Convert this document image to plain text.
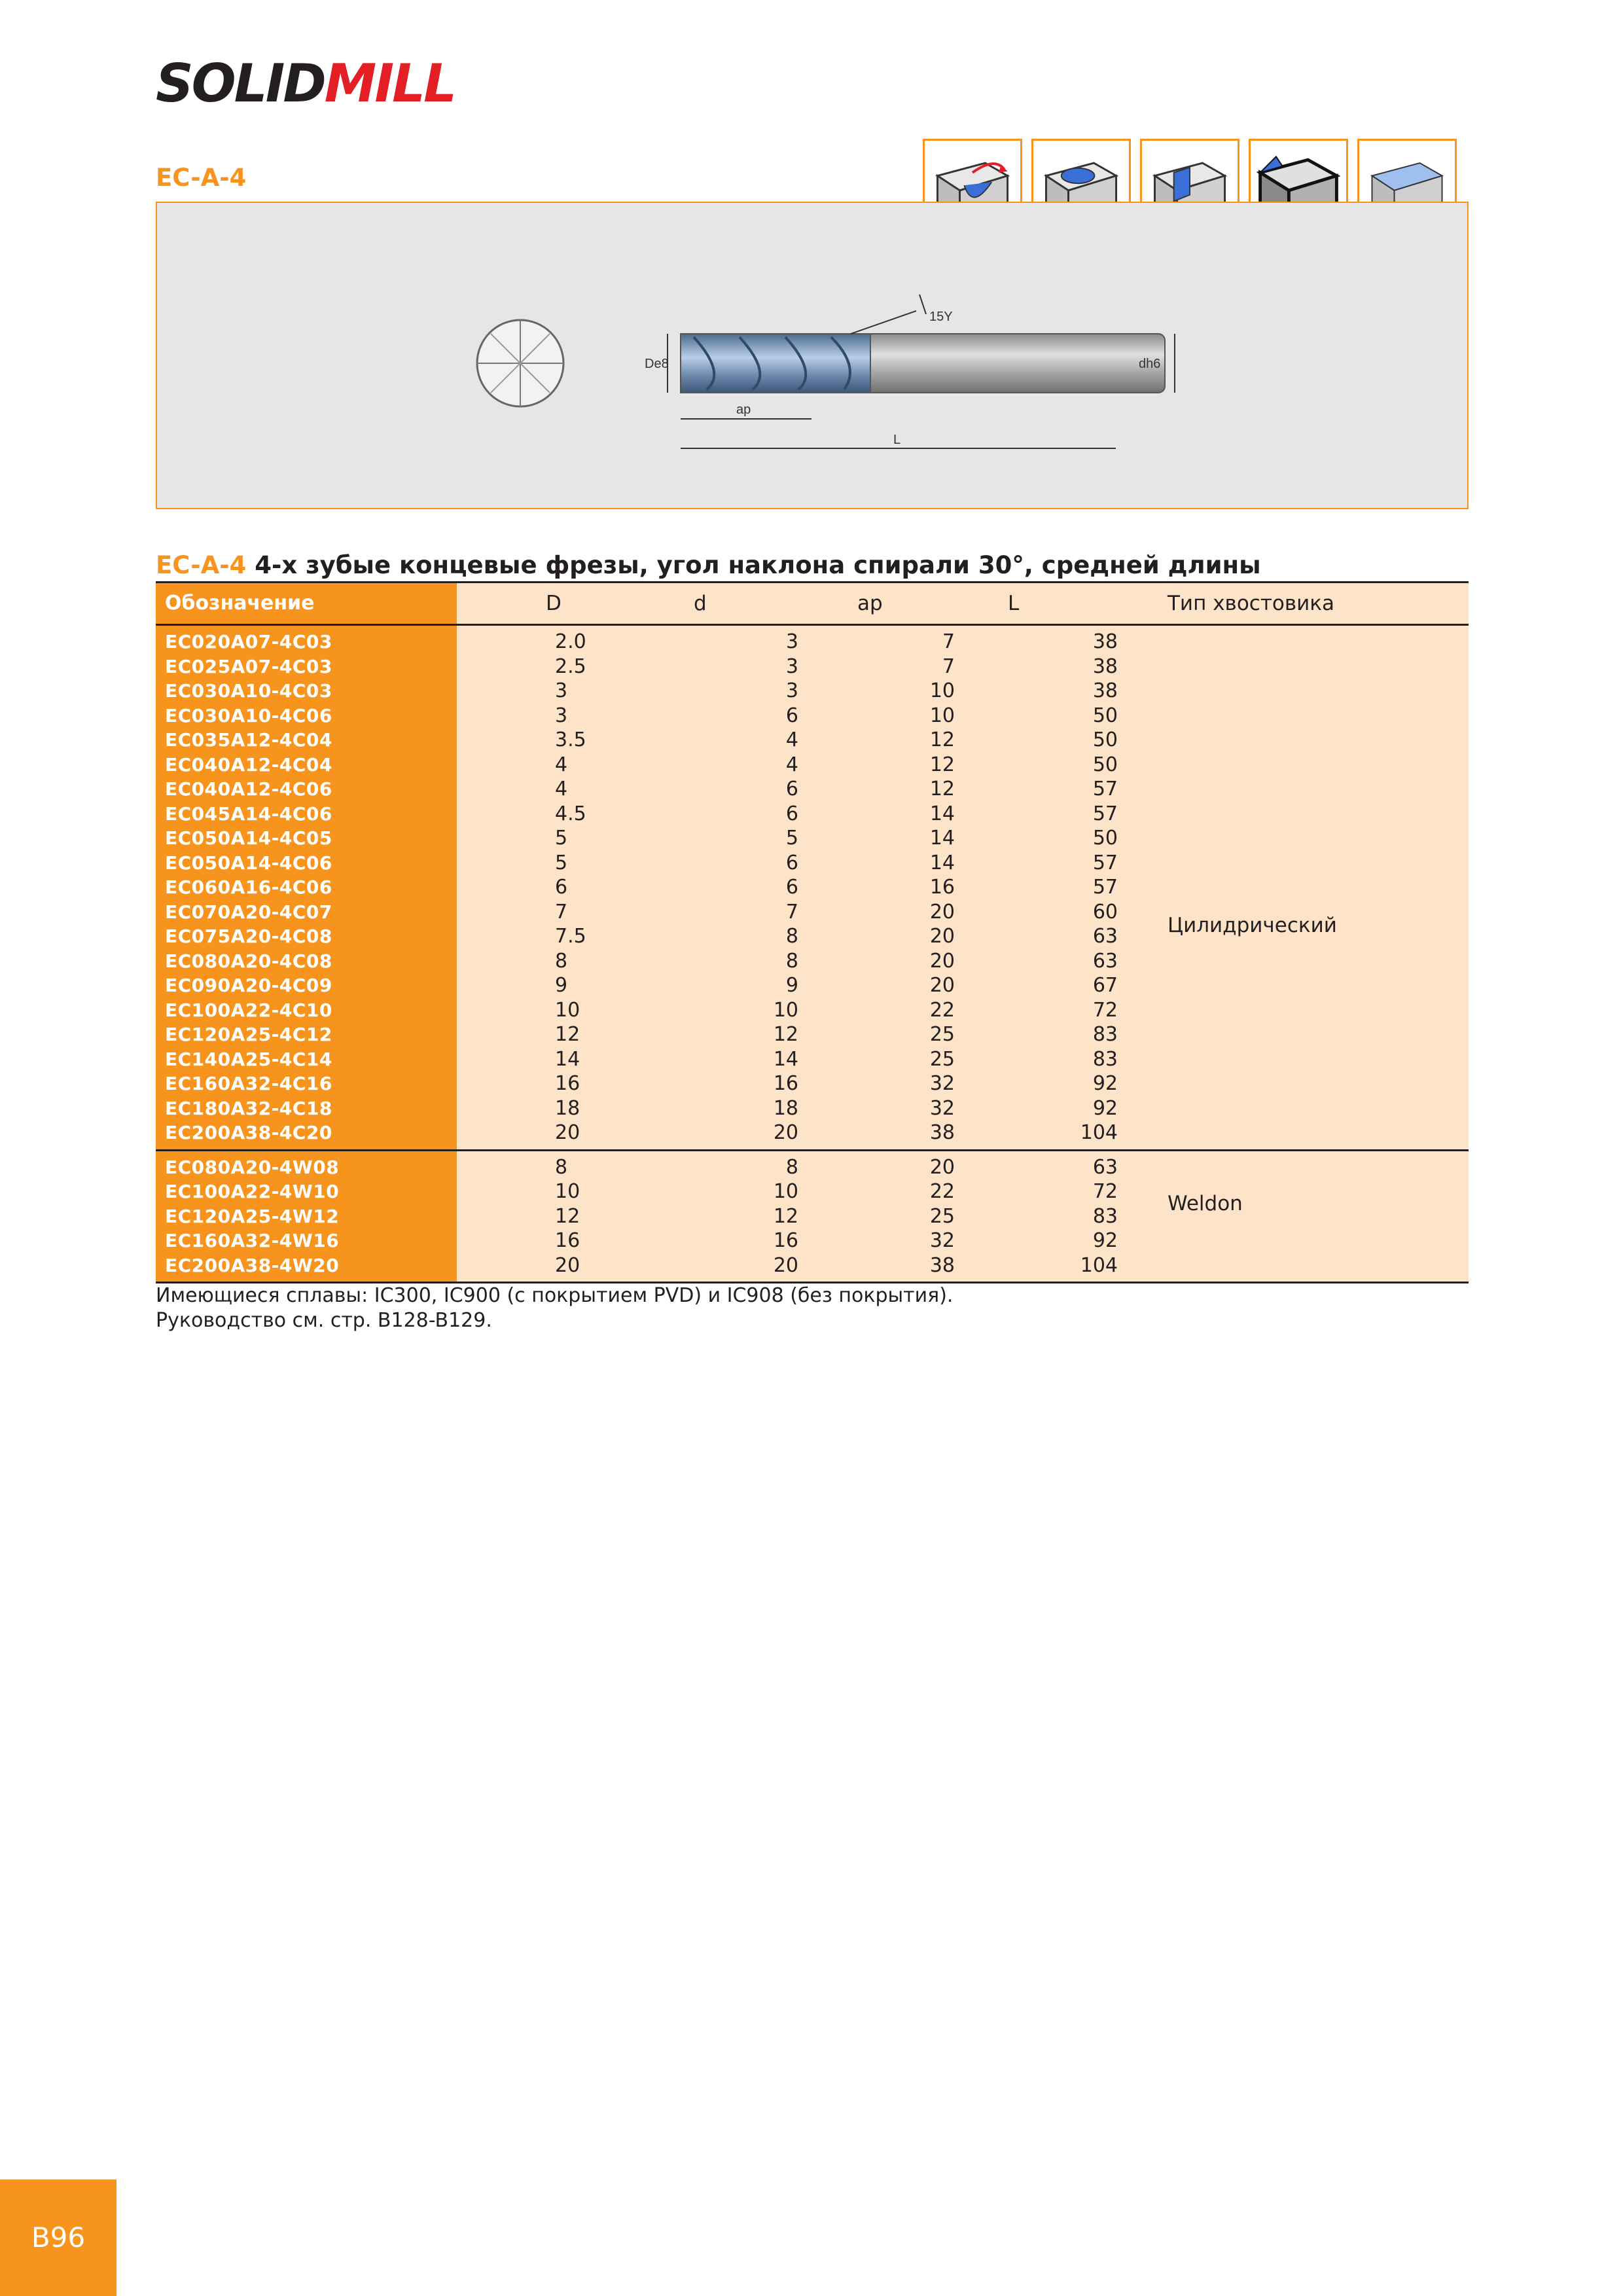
SOLIDMILL
EC-A-4
De8	dh6
ap
L
15Y
EC-A-4 4-х зубые концевые фрезы, угол наклона спирали 30°, средней длины
Обозначение	D	d	ap	L	Тип хвостовика
EC020A07-4C03	2.0	3	7	38
EC025A07-4C03	2.5	3	7	38
EC030A10-4C03	3	3	10	38
EC030A10-4C06	3	6	10	50
EC035A12-4C04	3.5	4	12	50
EC040A12-4C04	4	4	12	50
EC040A12-4C06	4	6	12	57
EC045A14-4C06	4.5	6	14	57
EC050A14-4C05	5	5	14	50
EC050A14-4C06	5	6	14	57
EC060A16-4C06	6	6	16	57
EC070A20-4C07	7	7	20	60
EC075A20-4C08	7.5	8	20	63
EC080A20-4C08	8	8	20	63
EC090A20-4C09	9	9	20	67
EC100A22-4C10	10	10	22	72
EC120A25-4C12	12	12	25	83
EC140A25-4C14	14	14	25	83
EC160A32-4C16	16	16	32	92
EC180A32-4C18	18	18	32	92
EC200A38-4C20	20	20	38	104
Цилидрический
EC080A20-4W08	8	8	20	63
EC100A22-4W10	10	10	22	72
EC120A25-4W12	12	12	25	83
EC160A32-4W16	16	16	32	92
EC200A38-4W20	20	20	38	104
Weldon
Имеющиеся сплавы: IC300, IC900 (с покрытием PVD) и IC908 (без покрытия).
Руководство см. стр. B128-B129.
B96
